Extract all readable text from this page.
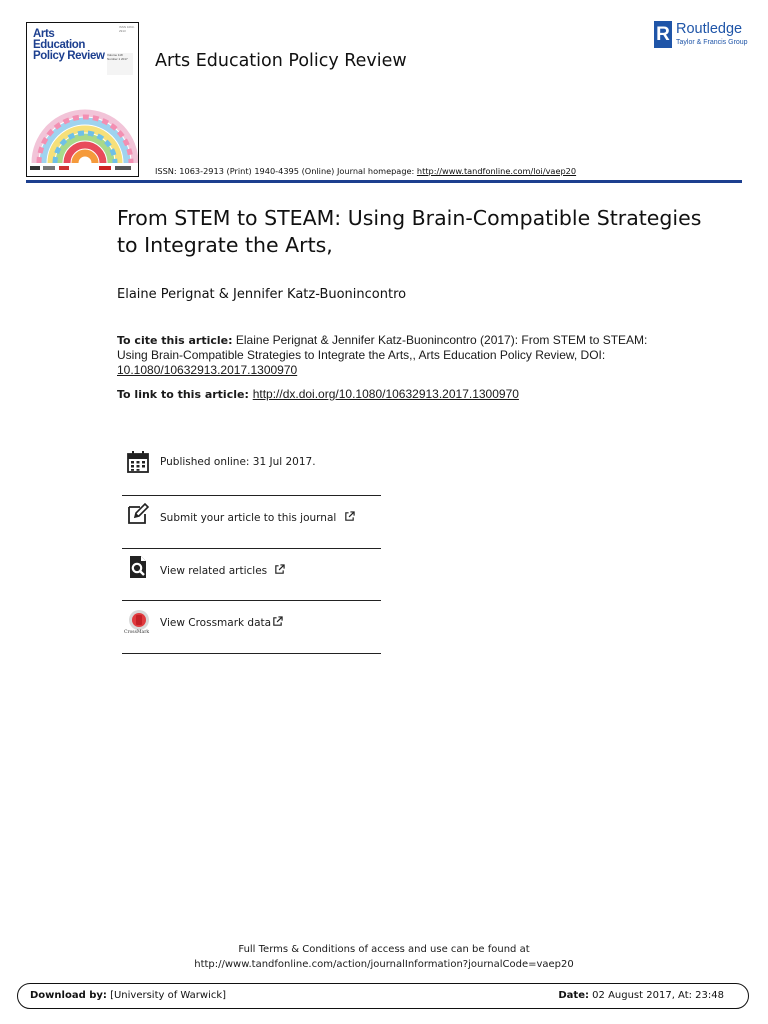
ISSN 1063-2913
Arts
Education
Policy Review Volume 118 Number 1 2017	Arts Education Policy Review
R Routledge
Taylor & Francis Group
ISSN: 1063-2913 (Print) 1940-4395 (Online) Journal homepage: http://www.tandfonline.com/loi/vaep20
From STEM to STEAM: Using Brain-Compatible Strategies to Integrate the Arts,
Elaine Perignat & Jennifer Katz-Buonincontro
To cite this article: Elaine Perignat & Jennifer Katz-Buonincontro (2017): From STEM to STEAM: Using Brain-Compatible Strategies to Integrate the Arts,, Arts Education Policy Review, DOI: 10.1080/10632913.2017.1300970
To link to this article: http://dx.doi.org/10.1080/10632913.2017.1300970
Published online: 31 Jul 2017.
Submit your article to this journal
View related articles
CrossMark
View Crossmark data
Full Terms & Conditions of access and use can be found at
http://www.tandfonline.com/action/journalInformation?journalCode=vaep20
Download by: [University of Warwick]	Date: 02 August 2017, At: 23:48
